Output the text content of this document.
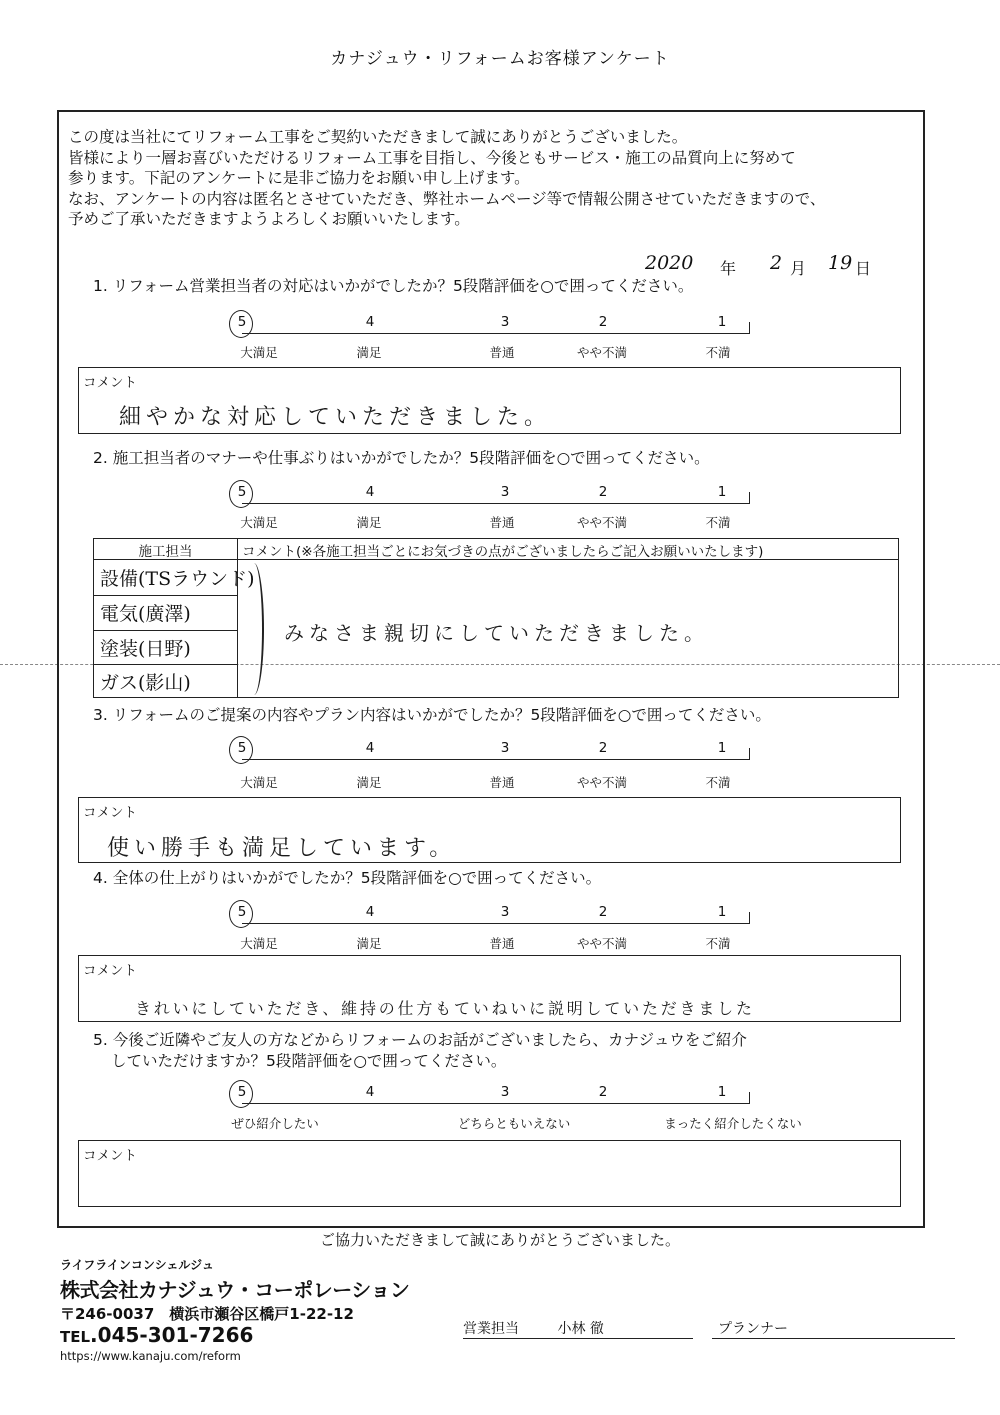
カナジュウ・リフォームお客様アンケート
この度は当社にてリフォーム工事をご契約いただきまして誠にありがとうございました。
皆様により一層お喜びいただけるリフォーム工事を目指し、今後ともサービス・施工の品質向上に努めて
参ります。下記のアンケートに是非ご協力をお願い申し上げます。
なお、アンケートの内容は匿名とさせていただき、弊社ホームページ等で情報公開させていただきますので、
予めご了承いただきますようよろしくお願いいたします。
2020 年 2 月 19 日
1. リフォーム営業担当者の対応はいかがでしたか？5段階評価を○で囲ってください。
5	4	3	2	1
大満足	満足	普通	やや不満	不満
コメント
細やかな対応していただきました。
2. 施工担当者のマナーや仕事ぶりはいかがでしたか？5段階評価を○で囲ってください。
5	4	3	2	1
大満足	満足	普通	やや不満	不満
施工担当	コメント(※各施工担当ごとにお気づきの点がございましたらご記入お願いいたします)
設備(TSラウンド)
電気(廣澤)
塗装(日野)
ガス(影山)
みなさま親切にしていただきました。
3. リフォームのご提案の内容やプラン内容はいかがでしたか？5段階評価を○で囲ってください。
5	4	3	2	1
大満足	満足	普通	やや不満	不満
コメント
使い勝手も満足しています。
4. 全体の仕上がりはいかがでしたか？5段階評価を○で囲ってください。
5	4	3	2	1
大満足	満足	普通	やや不満	不満
コメント
きれいにしていただき、維持の仕方もていねいに説明していただきました
5. 今後ご近隣やご友人の方などからリフォームのお話がございましたら、カナジュウをご紹介
していただけますか？5段階評価を○で囲ってください。
5	4	3	2	1
ぜひ紹介したい	どちらともいえない	まったく紹介したくない
コメント
ご協力いただきまして誠にありがとうございました。
ライフラインコンシェルジュ
株式会社カナジュウ・コーポレーション
〒246-0037　横浜市瀬谷区橋戸1-22-12
TEL.045-301-7266
https://www.kanaju.com/reform
営業担当	小林 徹	プランナー
